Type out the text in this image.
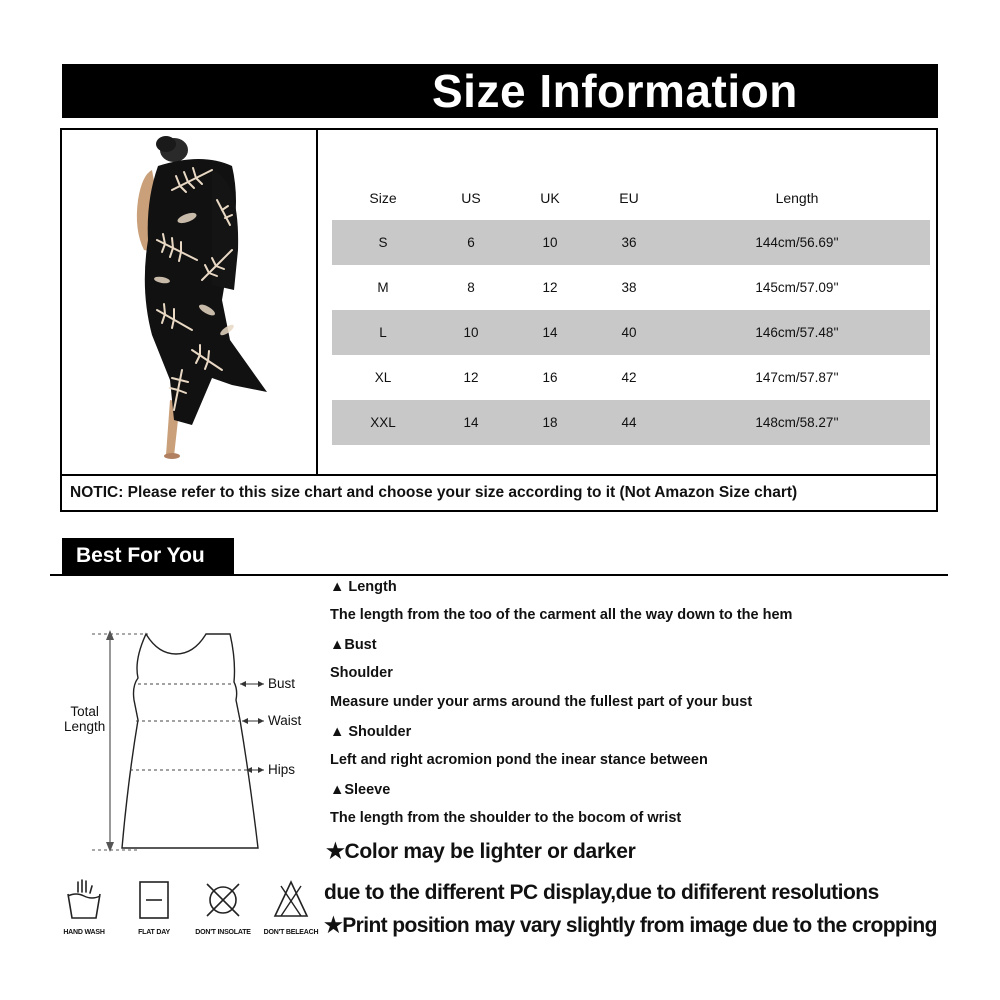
Size Information
Size	US	UK	EU	Length
S	6	10	36	144cm/56.69''
M	8	12	38	145cm/57.09''
L	10	14	40	146cm/57.48''
XL	12	16	42	147cm/57.87''
XXL	14	18	44	148cm/58.27''
NOTIC: Please refer to this size chart and choose your size according to it (Not Amazon Size chart)
Best For You
Total
Length
Bust
Waist
Hips
▲ Length
The length from the too of the carment all the way down to the hem
▲Bust
Shoulder
Measure under your arms around the fullest part of your bust
▲ Shoulder
Left and right acromion pond the inear stance between
▲Sleeve
The length from the shoulder to the bocom of wrist
★Color may be lighter or darker
due to the different PC display,due to dififerent resolutions
★Print position may vary slightly from image due to the cropping
HAND WASH	FLAT DAY	DON'T INSOLATE	DON'T BELEACH
